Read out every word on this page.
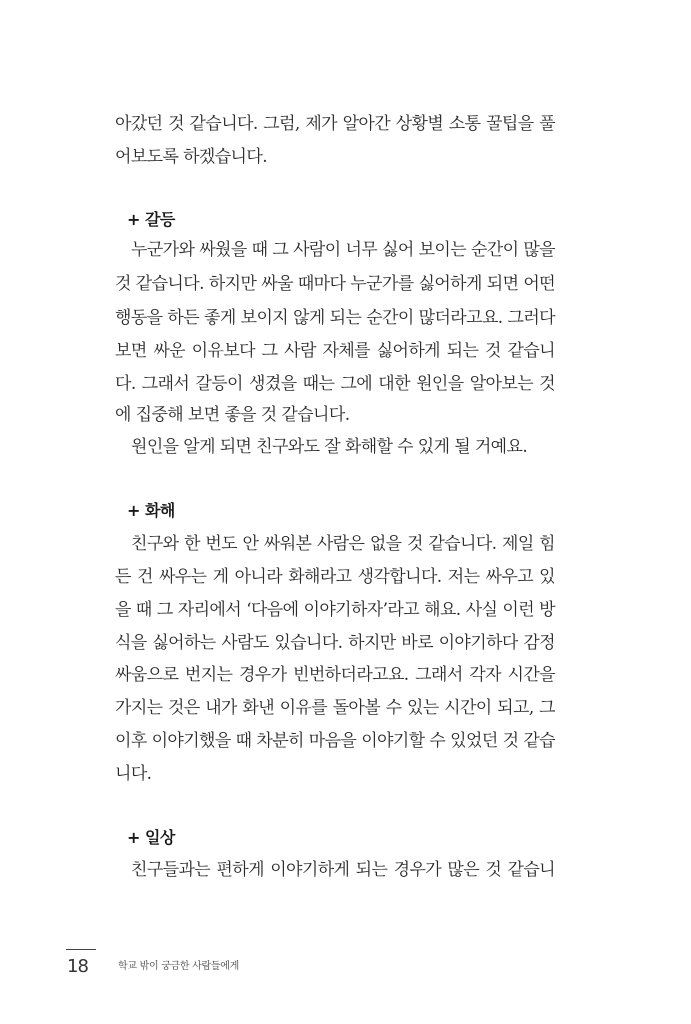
아갔던 것 같습니다. 그럼, 제가 알아간 상황별 소통 꿀팁을 풀
어보도록 하겠습니다.
+ 갈등
누군가와 싸웠을 때 그 사람이 너무 싫어 보이는 순간이 많을
것 같습니다. 하지만 싸울 때마다 누군가를 싫어하게 되면 어떤
행동을 하든 좋게 보이지 않게 되는 순간이 많더라고요. 그러다
보면 싸운 이유보다 그 사람 자체를 싫어하게 되는 것 같습니
다. 그래서 갈등이 생겼을 때는 그에 대한 원인을 알아보는 것
에 집중해 보면 좋을 것 같습니다.
원인을 알게 되면 친구와도 잘 화해할 수 있게 될 거예요.
+ 화해
친구와 한 번도 안 싸워본 사람은 없을 것 같습니다. 제일 힘
든 건 싸우는 게 아니라 화해라고 생각합니다. 저는 싸우고 있
을 때 그 자리에서 ‘다음에 이야기하자’라고 해요. 사실 이런 방
식을 싫어하는 사람도 있습니다. 하지만 바로 이야기하다 감정
싸움으로 번지는 경우가 빈번하더라고요. 그래서 각자 시간을
가지는 것은 내가 화낸 이유를 돌아볼 수 있는 시간이 되고, 그
이후 이야기했을 때 차분히 마음을 이야기할 수 있었던 것 같습
니다.
+ 일상
친구들과는 편하게 이야기하게 되는 경우가 많은 것 같습니
18	학교 밖이 궁금한 사람들에게
